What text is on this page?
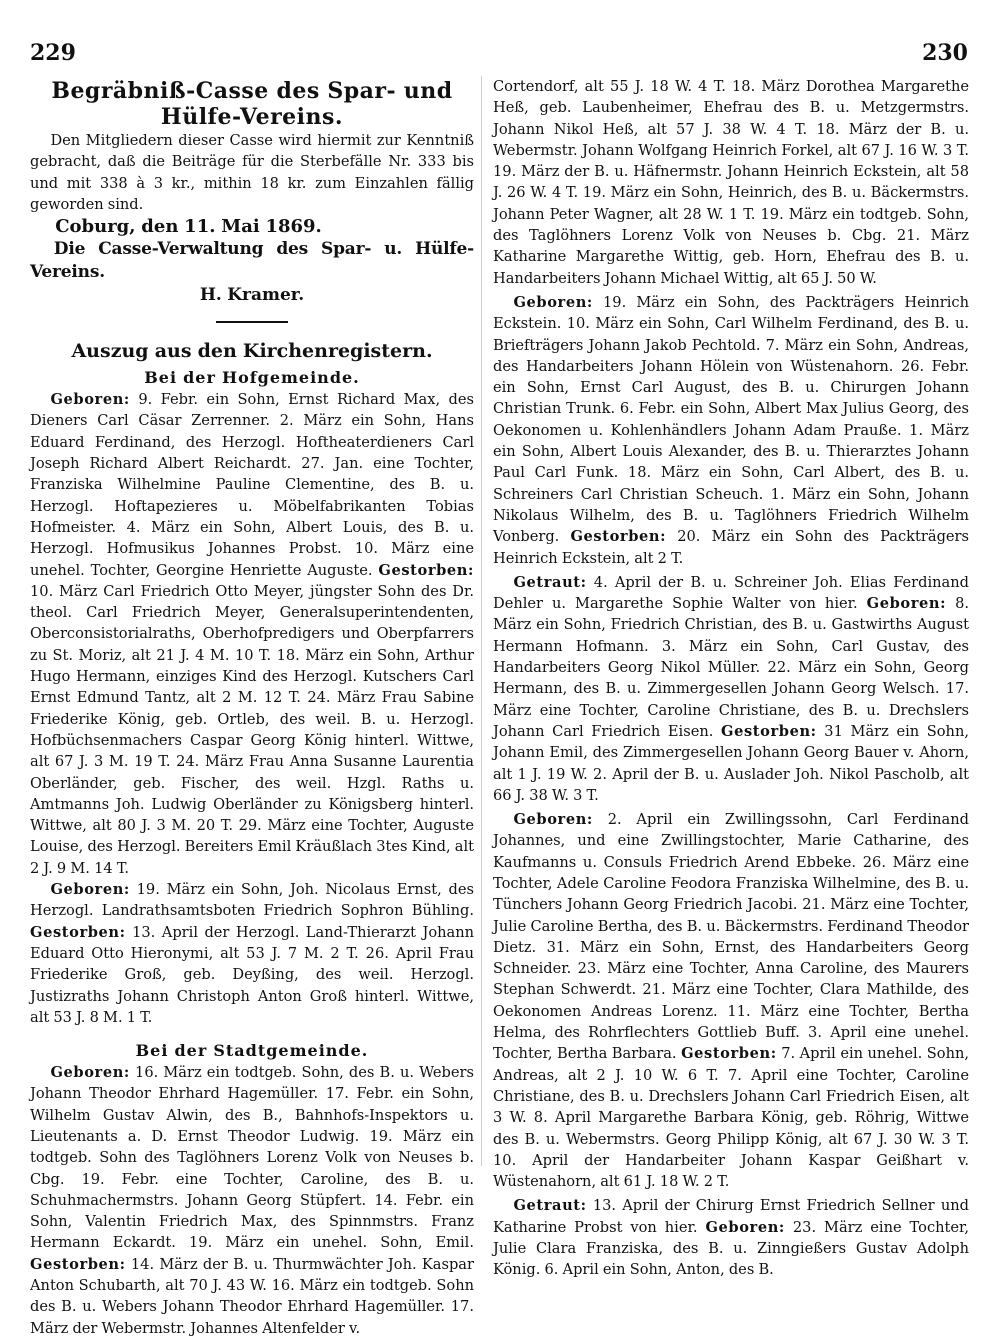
229	230

Begräbniß-Casse des Spar- und Hülfe-Vereins.

Den Mitgliedern dieser Casse wird hiermit zur Kenntniß gebracht, daß die Beiträge für die Sterbefälle Nr. 333 bis und mit 338 à 3 kr., mithin 18 kr. zum Einzahlen fällig geworden sind.

Coburg, den 11. Mai 1869.

Die Casse-Verwaltung des Spar- u. Hülfe-Vereins.

H. Kramer.

Auszug aus den Kirchenregistern.

Bei der Hofgemeinde.

Geboren: 9. Febr. ein Sohn, Ernst Richard Max, des Dieners Carl Cäsar Zerrenner. 2. März ein Sohn, Hans Eduard Ferdinand, des Herzogl. Hoftheaterdieners Carl Joseph Richard Albert Reichardt. 27. Jan. eine Tochter, Franziska Wilhelmine Pauline Clementine, des B. u. Herzogl. Hoftapezieres u. Möbelfabrikanten Tobias Hofmeister. 4. März ein Sohn, Albert Louis, des B. u. Herzogl. Hofmusikus Johannes Probst. 10. März eine unehel. Tochter, Georgine Henriette Auguste. Gestorben: 10. März Carl Friedrich Otto Meyer, jüngster Sohn des Dr. theol. Carl Friedrich Meyer, Generalsuperintendenten, Oberconsistorialraths, Oberhofpredigers und Oberpfarrers zu St. Moriz, alt 21 J. 4 M. 10 T. 18. März ein Sohn, Arthur Hugo Hermann, einziges Kind des Herzogl. Kutschers Carl Ernst Edmund Tantz, alt 2 M. 12 T. 24. März Frau Sabine Friederike König, geb. Ortleb, des weil. B. u. Herzogl. Hofbüchsenmachers Caspar Georg König hinterl. Wittwe, alt 67 J. 3 M. 19 T. 24. März Frau Anna Susanne Laurentia Oberländer, geb. Fischer, des weil. Hzgl. Raths u. Amtmanns Joh. Ludwig Oberländer zu Königsberg hinterl. Wittwe, alt 80 J. 3 M. 20 T. 29. März eine Tochter, Auguste Louise, des Herzogl. Bereiters Emil Kräußlach 3tes Kind, alt 2 J. 9 M. 14 T.

Geboren: 19. März ein Sohn, Joh. Nicolaus Ernst, des Herzogl. Landrathsamtsboten Friedrich Sophron Bühling. Gestorben: 13. April der Herzogl. Land-Thierarzt Johann Eduard Otto Hieronymi, alt 53 J. 7 M. 2 T. 26. April Frau Friederike Groß, geb. Deyßing, des weil. Herzogl. Justizraths Johann Christoph Anton Groß hinterl. Wittwe, alt 53 J. 8 M. 1 T.

Bei der Stadtgemeinde.

Geboren: 16. März ein todtgeb. Sohn, des B. u. Webers Johann Theodor Ehrhard Hagemüller. 17. Febr. ein Sohn, Wilhelm Gustav Alwin, des B., Bahnhofs-Inspektors u. Lieutenants a. D. Ernst Theodor Ludwig. 19. März ein todtgeb. Sohn des Taglöhners Lorenz Volk von Neuses b. Cbg. 19. Febr. eine Tochter, Caroline, des B. u. Schuhmachermstrs. Johann Georg Stüpfert. 14. Febr. ein Sohn, Valentin Friedrich Max, des Spinnmstrs. Franz Hermann Eckardt. 19. März ein unehel. Sohn, Emil. Gestorben: 14. März der B. u. Thurmwächter Joh. Kaspar Anton Schubarth, alt 70 J. 43 W. 16. März ein todtgeb. Sohn des B. u. Webers Johann Theodor Ehrhard Hagemüller. 17. März der Webermstr. Johannes Altenfelder v.

Cortendorf, alt 55 J. 18 W. 4 T. 18. März Dorothea Margarethe Heß, geb. Laubenheimer, Ehefrau des B. u. Metzgermstrs. Johann Nikol Heß, alt 57 J. 38 W. 4 T. 18. März der B. u. Webermstr. Johann Wolfgang Heinrich Forkel, alt 67 J. 16 W. 3 T. 19. März der B. u. Häfnermstr. Johann Heinrich Eckstein, alt 58 J. 26 W. 4 T. 19. März ein Sohn, Heinrich, des B. u. Bäckermstrs. Johann Peter Wagner, alt 28 W. 1 T. 19. März ein todtgeb. Sohn, des Taglöhners Lorenz Volk von Neuses b. Cbg. 21. März Katharine Margarethe Wittig, geb. Horn, Ehefrau des B. u. Handarbeiters Johann Michael Wittig, alt 65 J. 50 W.

Geboren: 19. März ein Sohn, des Packträgers Heinrich Eckstein. 10. März ein Sohn, Carl Wilhelm Ferdinand, des B. u. Briefträgers Johann Jakob Pechtold. 7. März ein Sohn, Andreas, des Handarbeiters Johann Hölein von Wüstenahorn. 26. Febr. ein Sohn, Ernst Carl August, des B. u. Chirurgen Johann Christian Trunk. 6. Febr. ein Sohn, Albert Max Julius Georg, des Oekonomen u. Kohlenhändlers Johann Adam Prauße. 1. März ein Sohn, Albert Louis Alexander, des B. u. Thierarztes Johann Paul Carl Funk. 18. März ein Sohn, Carl Albert, des B. u. Schreiners Carl Christian Scheuch. 1. März ein Sohn, Johann Nikolaus Wilhelm, des B. u. Taglöhners Friedrich Wilhelm Vonberg. Gestorben: 20. März ein Sohn des Packträgers Heinrich Eckstein, alt 2 T.

Getraut: 4. April der B. u. Schreiner Joh. Elias Ferdinand Dehler u. Margarethe Sophie Walter von hier. Geboren: 8. März ein Sohn, Friedrich Christian, des B. u. Gastwirths August Hermann Hofmann. 3. März ein Sohn, Carl Gustav, des Handarbeiters Georg Nikol Müller. 22. März ein Sohn, Georg Hermann, des B. u. Zimmergesellen Johann Georg Welsch. 17. März eine Tochter, Caroline Christiane, des B. u. Drechslers Johann Carl Friedrich Eisen. Gestorben: 31 März ein Sohn, Johann Emil, des Zimmergesellen Johann Georg Bauer v. Ahorn, alt 1 J. 19 W. 2. April der B. u. Auslader Joh. Nikol Pascholb, alt 66 J. 38 W. 3 T.

Geboren: 2. April ein Zwillingssohn, Carl Ferdinand Johannes, und eine Zwillingstochter, Marie Catharine, des Kaufmanns u. Consuls Friedrich Arend Ebbeke. 26. März eine Tochter, Adele Caroline Feodora Franziska Wilhelmine, des B. u. Tünchers Johann Georg Friedrich Jacobi. 21. März eine Tochter, Julie Caroline Bertha, des B. u. Bäckermstrs. Ferdinand Theodor Dietz. 31. März ein Sohn, Ernst, des Handarbeiters Georg Schneider. 23. März eine Tochter, Anna Caroline, des Maurers Stephan Schwerdt. 21. März eine Tochter, Clara Mathilde, des Oekonomen Andreas Lorenz. 11. März eine Tochter, Bertha Helma, des Rohrflechters Gottlieb Buff. 3. April eine unehel. Tochter, Bertha Barbara. Gestorben: 7. April ein unehel. Sohn, Andreas, alt 2 J. 10 W. 6 T. 7. April eine Tochter, Caroline Christiane, des B. u. Drechslers Johann Carl Friedrich Eisen, alt 3 W. 8. April Margarethe Barbara König, geb. Röhrig, Wittwe des B. u. Webermstrs. Georg Philipp König, alt 67 J. 30 W. 3 T. 10. April der Handarbeiter Johann Kaspar Geißhart v. Wüstenahorn, alt 61 J. 18 W. 2 T.

Getraut: 13. April der Chirurg Ernst Friedrich Sellner und Katharine Probst von hier. Geboren: 23. März eine Tochter, Julie Clara Franziska, des B. u. Zinngießers Gustav Adolph König. 6. April ein Sohn, Anton, des B.
